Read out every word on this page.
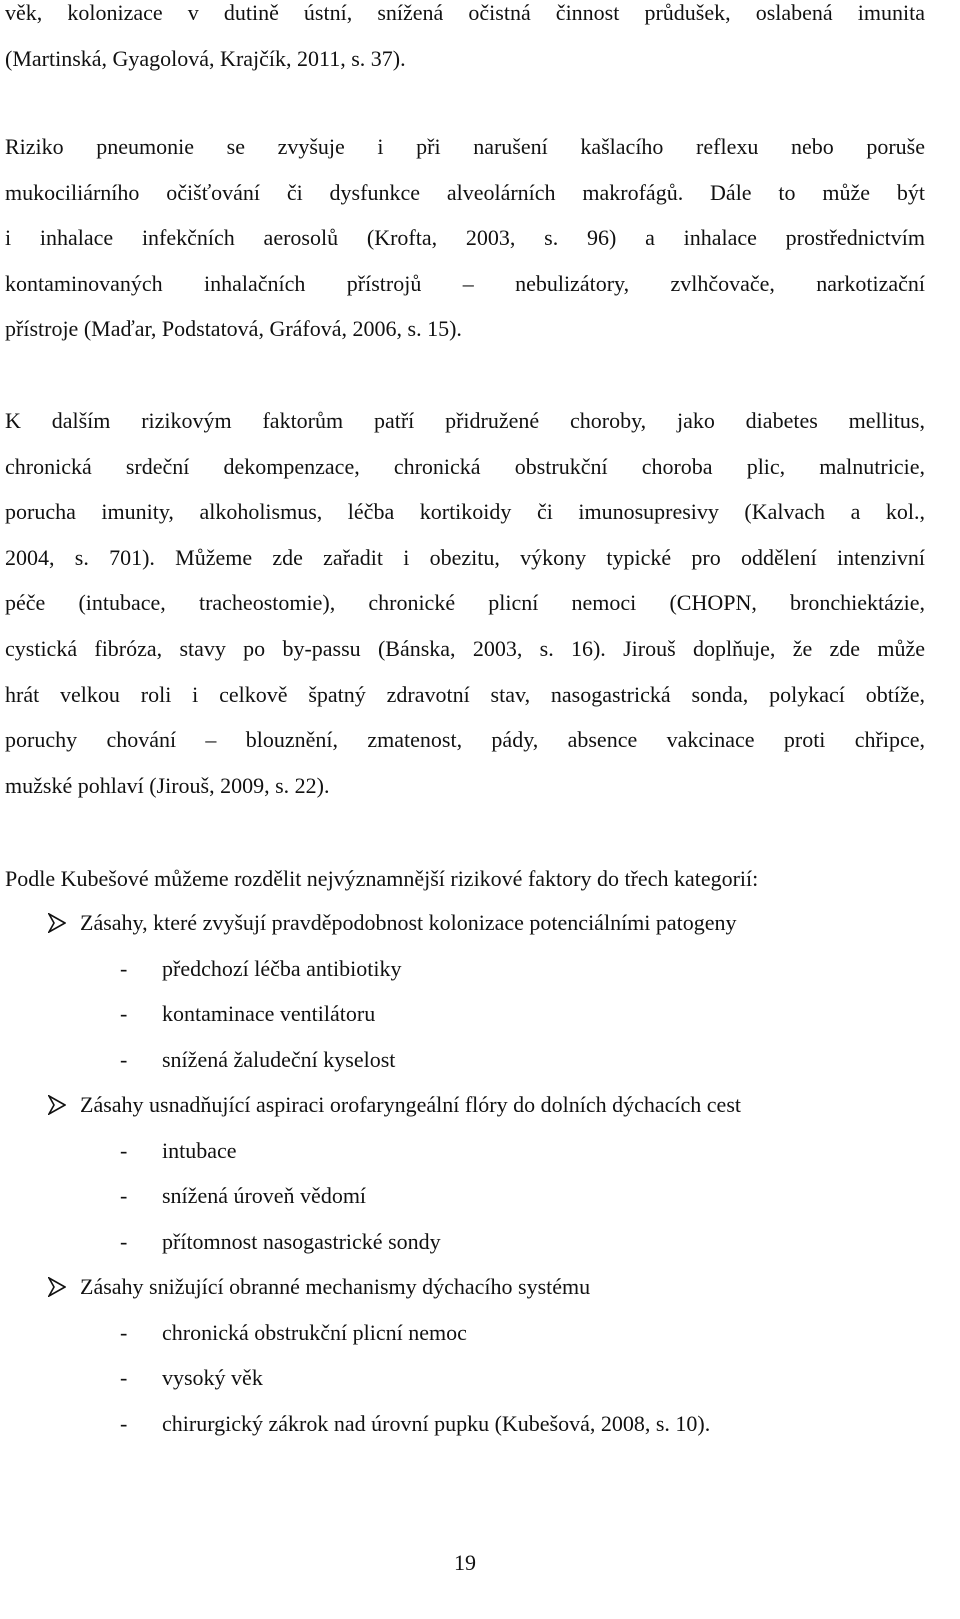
věk, kolonizace v dutině ústní, snížená očistná činnost průdušek, oslabená imunita
(Martinská, Gyagolová, Krajčík, 2011, s. 37).
Riziko pneumonie se zvyšuje i při narušení kašlacího reflexu nebo poruše
mukociliárního očišťování či dysfunkce alveolárních makrofágů. Dále to může být
i inhalace infekčních aerosolů (Krofta, 2003, s. 96) a inhalace prostřednictvím
kontaminovaných inhalačních přístrojů – nebulizátory, zvlhčovače, narkotizační
přístroje (Maďar, Podstatová, Gráfová, 2006, s. 15).
K dalším rizikovým faktorům patří přidružené choroby, jako diabetes mellitus,
chronická srdeční dekompenzace, chronická obstrukční choroba plic, malnutricie,
porucha imunity, alkoholismus, léčba kortikoidy či imunosupresivy (Kalvach a kol.,
2004, s. 701). Můžeme zde zařadit i obezitu, výkony typické pro oddělení intenzivní
péče (intubace, tracheostomie), chronické plicní nemoci (CHOPN, bronchiektázie,
cystická fibróza, stavy po by-passu (Bánska, 2003, s. 16). Jirouš doplňuje, že zde může
hrát velkou roli i celkově špatný zdravotní stav, nasogastrická sonda, polykací obtíže,
poruchy chování – blouznění, zmatenost, pády, absence vakcinace proti chřipce,
mužské pohlaví (Jirouš, 2009, s. 22).

Podle Kubešové můžeme rozdělit nejvýznamnější rizikové faktory do třech kategorií:

Zásahy, které zvyšují pravděpodobnost kolonizace potenciálními patogeny
- předchozí léčba antibiotiky
- kontaminace ventilátoru
- snížená žaludeční kyselost
Zásahy usnadňující aspiraci orofaryngeální flóry do dolních dýchacích cest
- intubace
- snížená úroveň vědomí
- přítomnost nasogastrické sondy
Zásahy snižující obranné mechanismy dýchacího systému
- chronická obstrukční plicní nemoc
- vysoký věk
- chirurgický zákrok nad úrovní pupku (Kubešová, 2008, s. 10).
19
